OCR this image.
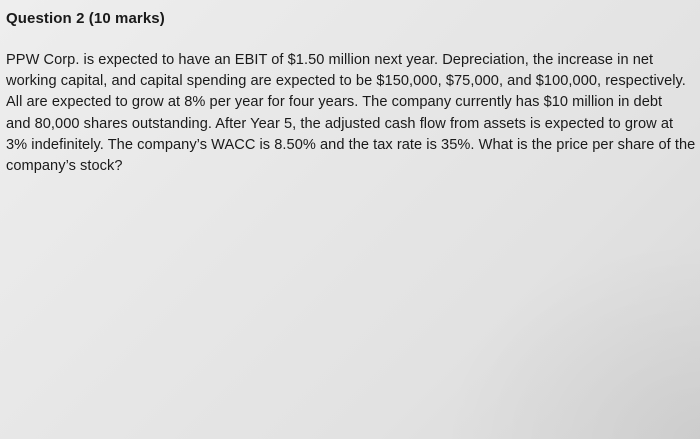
Question 2 (10 marks)
PPW Corp. is expected to have an EBIT of $1.50 million next year. Depreciation, the increase in net
working capital, and capital spending are expected to be $150,000, $75,000, and $100,000, respectively.
All are expected to grow at 8% per year for four years. The company currently has $10 million in debt
and 80,000 shares outstanding. After Year 5, the adjusted cash flow from assets is expected to grow at
3% indefinitely. The company’s WACC is 8.50% and the tax rate is 35%. What is the price per share of the
company’s stock?
